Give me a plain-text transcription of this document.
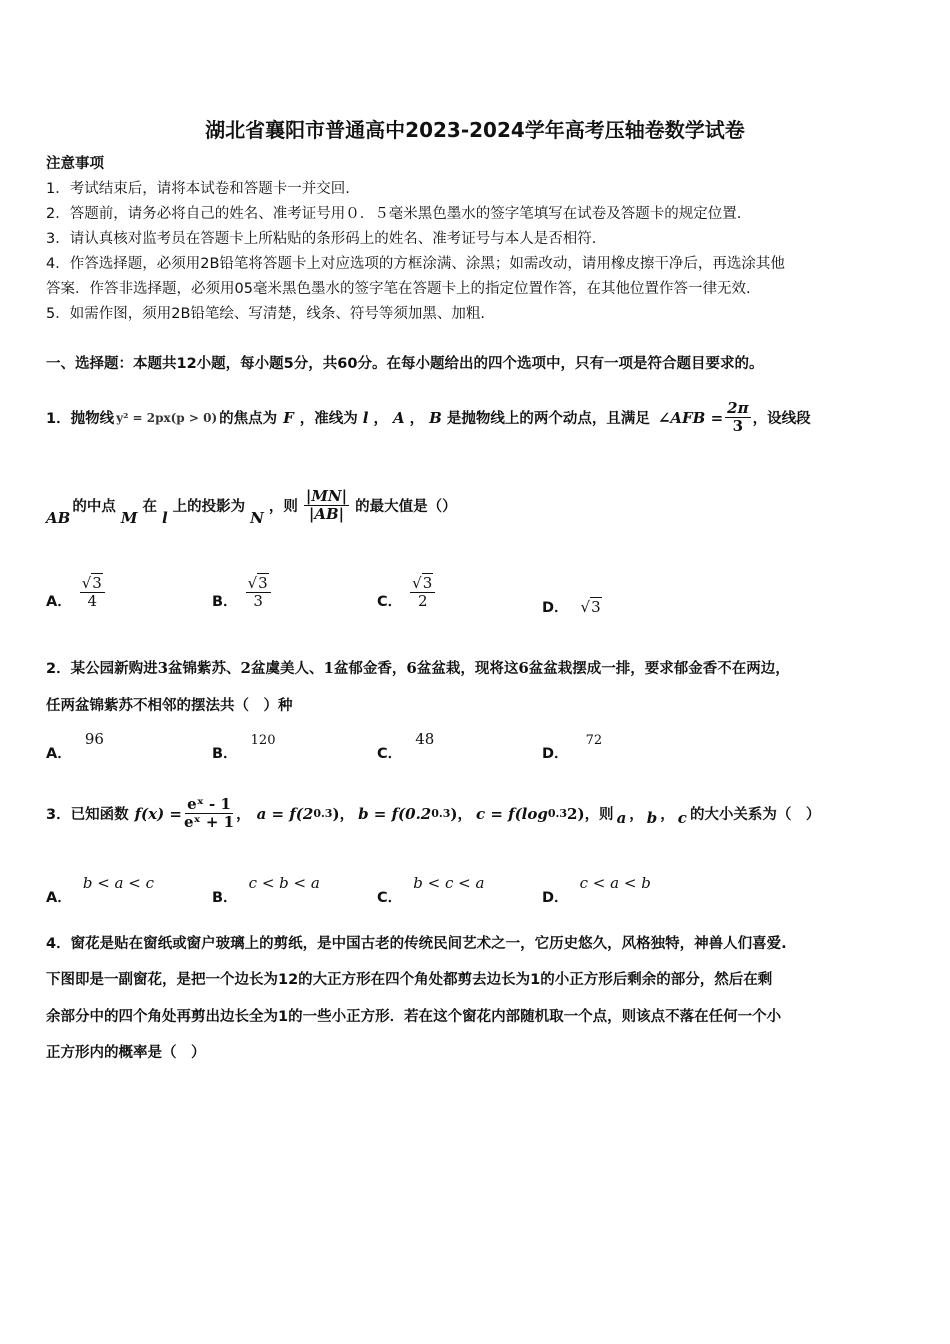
湖北省襄阳市普通高中2023-2024学年高考压轴卷数学试卷
注意事项
1．考试结束后，请将本试卷和答题卡一并交回.
2．答题前，请务必将自己的姓名、准考证号用０．５毫米黑色墨水的签字笔填写在试卷及答题卡的规定位置.
3．请认真核对监考员在答题卡上所粘贴的条形码上的姓名、准考证号与本人是否相符.
4．作答选择题，必须用2B铅笔将答题卡上对应选项的方框涂满、涂黑；如需改动，请用橡皮擦干净后，再选涂其他
答案．作答非选择题，必须用05毫米黑色墨水的签字笔在答题卡上的指定位置作答，在其他位置作答一律无效.
5．如需作图，须用2B铅笔绘、写清楚，线条、符号等须加黑、加粗.
一、选择题：本题共12小题，每小题5分，共60分。在每小题给出的四个选项中，只有一项是符合题目要求的。
1．抛物线 y² = 2px(p > 0) 的焦点为 F ，准线为 l ， A ， B 是抛物线上的两个动点，且满足 ∠AFB = $\frac{2\pi}{3}$ ，设线段
AB
的中点
M
在
l
上的投影为
N
，则 $\frac{|MN|}{|AB|}$ 的最大值是（）
A． $\frac{√3}{4}$	B． $\frac{√3}{3}$	C． $\frac{√3}{2}$	D． √3
2．某公园新购进 3 盆锦紫苏、 2 盆虞美人、 1 盆郁金香， 6 盆盆栽，现将这 6 盆盆栽摆成一排，要求郁金香不在两边，
任两盆锦紫苏不相邻的摆法共（　）种
A． 96
B． 120
C． 48
D． 72
3．已知函数 $f(x) = \frac{\text{eˣ - 1}}{\text{eˣ + 1}}$ ， a = f(2 0.3 ) ， b = f(0.2 0.3 ) ， c = f(log 0.3 2) ，则 a ， b ， c 的大小关系为（　）
A． b < a < c
B． c < b < a
C． b < c < a
D． c < a < b
4．窗花是贴在窗纸或窗户玻璃上的剪纸，是中国古老的传统民间艺术之一，它历史悠久，风格独特，神兽人们喜爱.
下图即是一副窗花，是把一个边长为12的大正方形在四个角处都剪去边长为1的小正方形后剩余的部分，然后在剩
余部分中的四个角处再剪出边长全为1的一些小正方形．若在这个窗花内部随机取一个点，则该点不落在任何一个小
正方形内的概率是（　）
